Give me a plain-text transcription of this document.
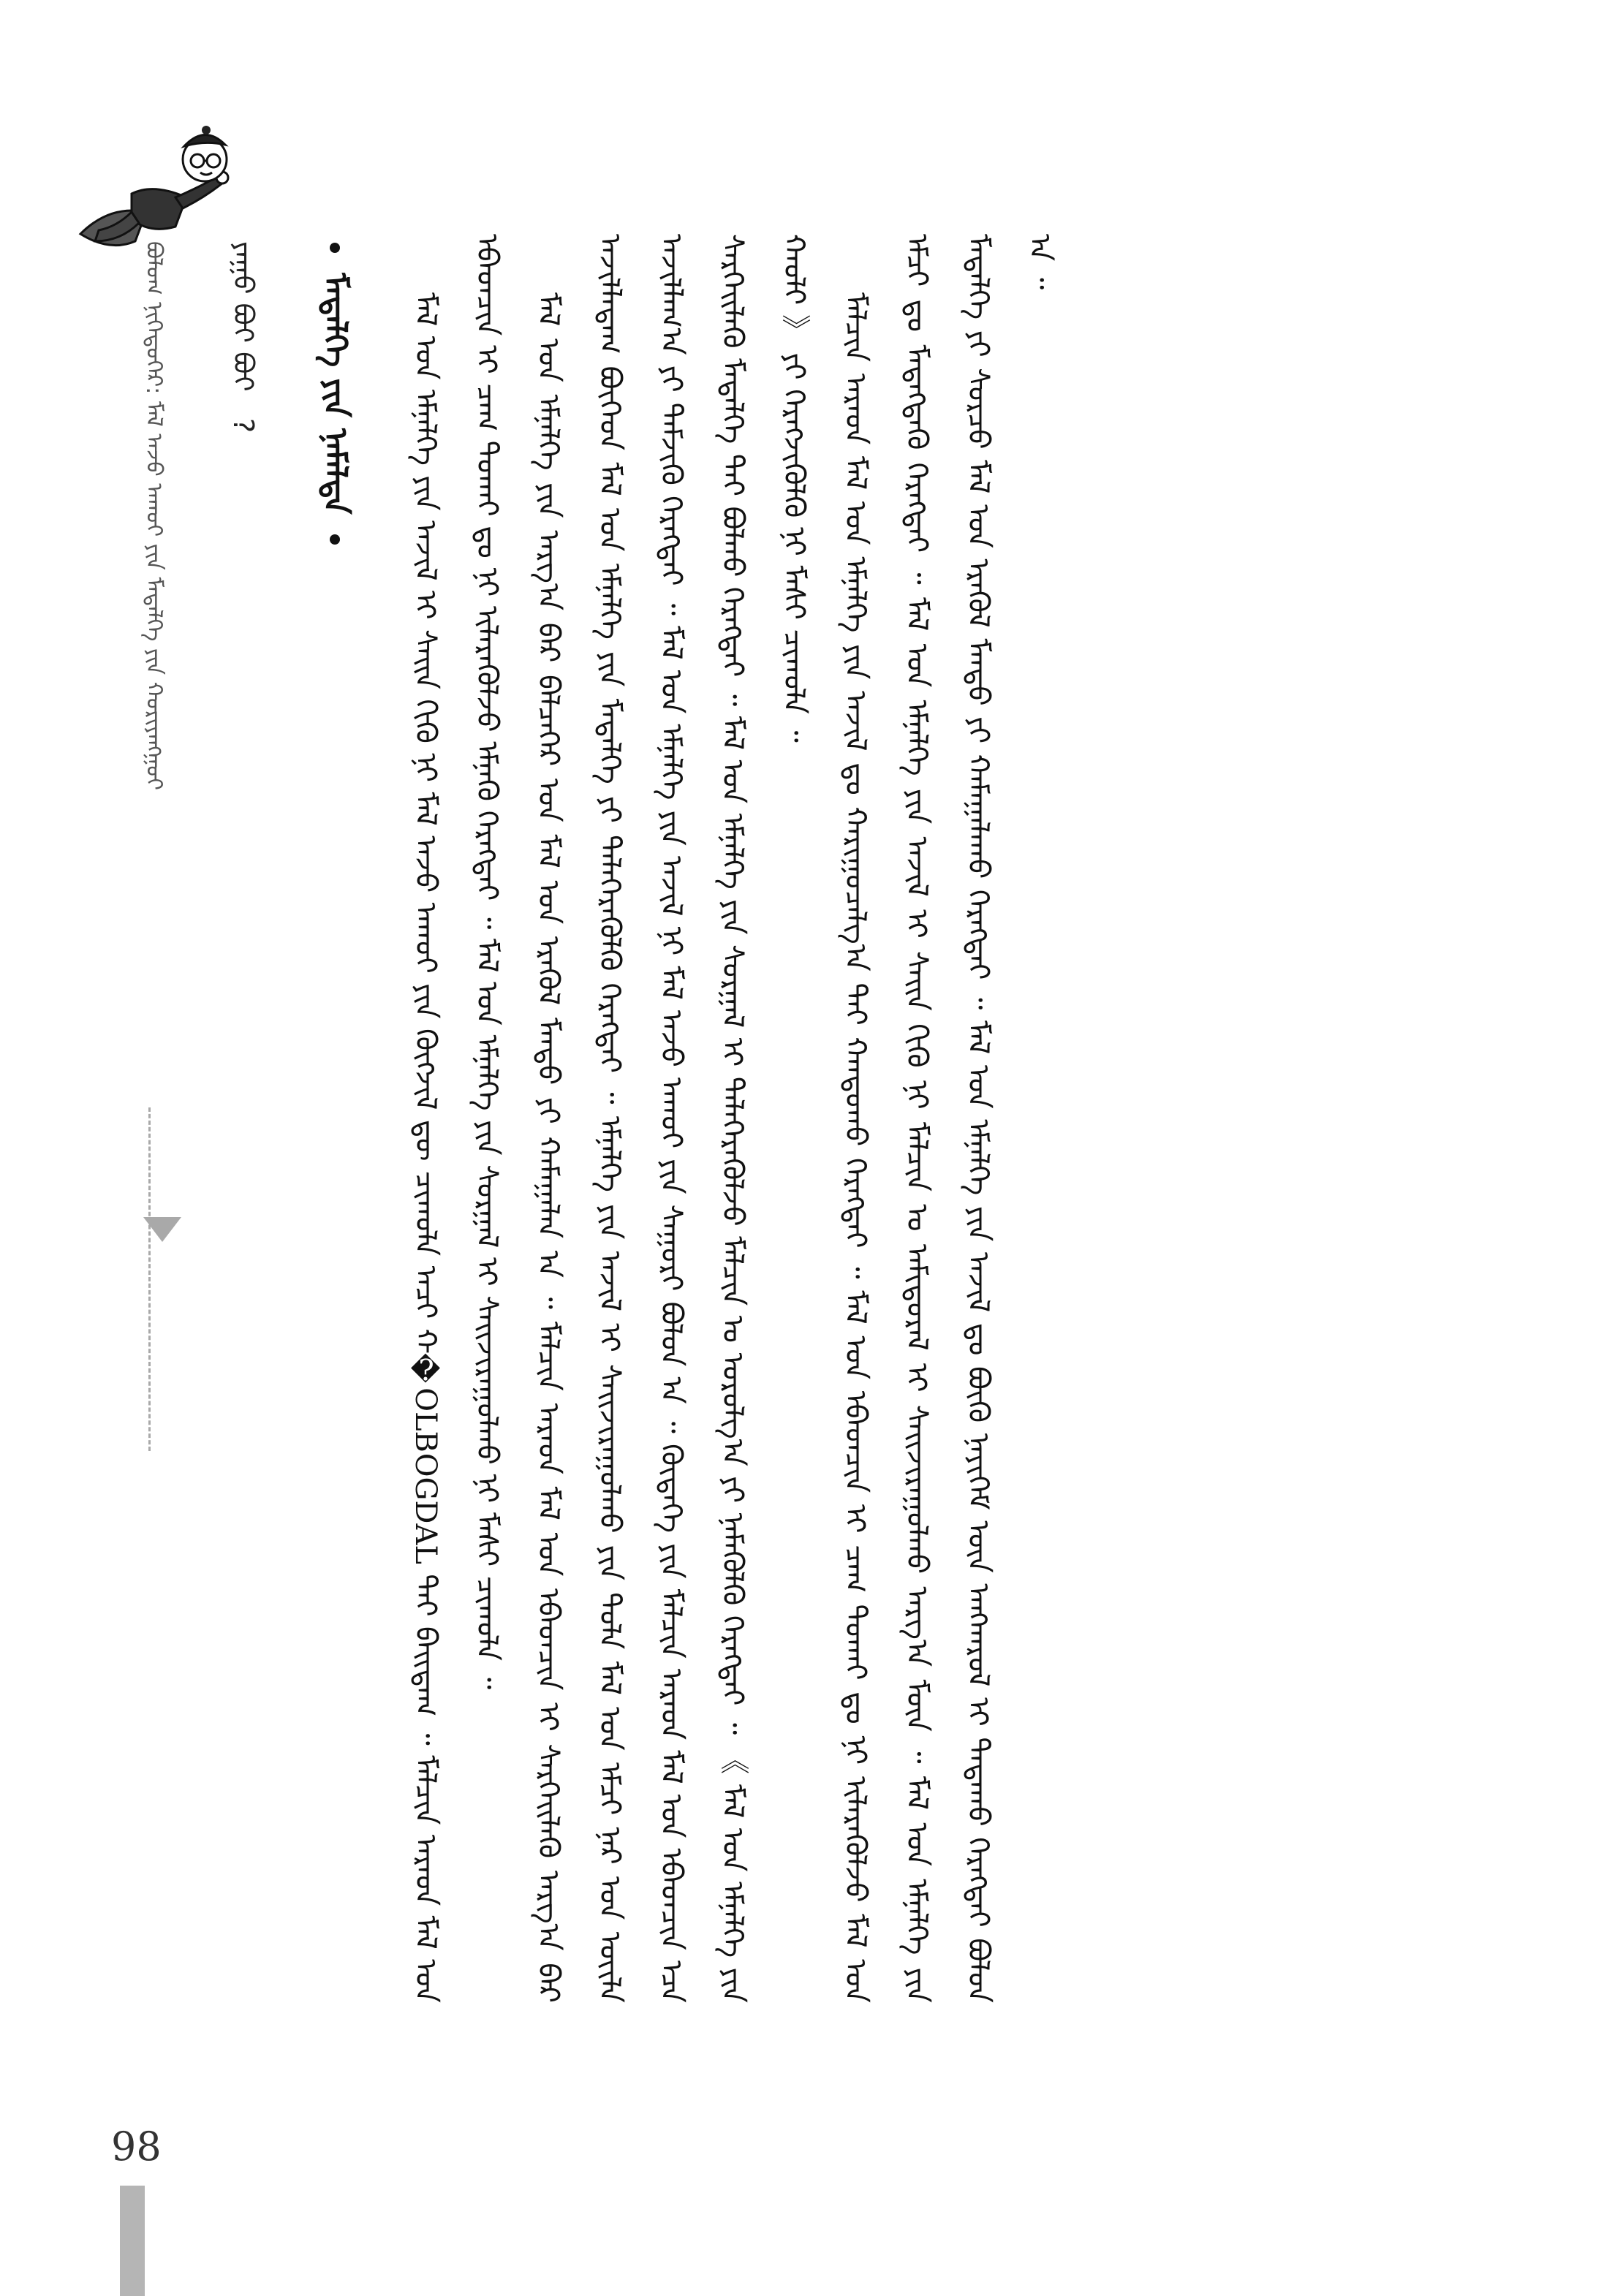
ᠪᠤᠯᠤᠭ ᠨᠢᠭᠡᠳᠦᠭᠡᠷ: ᠮᠠᠯ ᠠᠵᠤ ᠠᠬᠤᠢ ᠶᠢᠨ ᠮᠡᠳᠡᠯᠭᠡ ᠶᠢᠨ ᠬᠤᠷᠢᠶᠠᠩᠭᠤᠢ ᠶᠠᠭᠤ ᠪᠤᠢ ᠪᠤᠢ ? ᠮᠡᠳᠡᠯᠭᠡ ᠶᠢᠨ ᠨᠡᠮᠡᠯᠲᠡ	ᠮᠠᠯ ᠤᠨ ᠡᠮᠨᠡᠯᠭᠡ ᠶᠢᠨ ᠠᠵᠢᠯ ᠢ ᠰᠠᠢᠨ ᠬᠢᠬᠦ ᠨᠢ ᠮᠠᠯ ᠠᠵᠤ ᠠᠬᠤᠢ ᠶᠢᠨ ᠬᠥᠭᠵᠢᠯ ᠳᠦ ᠴᠢᠬᠤᠯᠠ ᠠᠴᠢ ᠬ�OLBOGDAL ᠲᠠᠢ ᠪᠠᠢᠳᠠᠭ ᠃ ᠮᠠᠯᠴᠢᠨ ᠠᠷᠠᠳ ᠮᠠᠯ ᠤᠨ ᠡᠪᠡᠳᠴᠢᠨ ᠢ ᠴᠠᠭ ᠲᠤᠬᠠᠢ ᠳᠤ ᠨᠢ ᠢᠯᠡᠷᠡᠭᠦᠯᠵᠦ ᠡᠮᠨᠡᠬᠦ ᠬᠡᠷᠡᠭᠲᠡᠢ ᠃ ᠮᠠᠯ ᠤᠨ ᠡᠮᠨᠡᠯᠭᠡ ᠶᠢᠨ ᠰᠤᠷᠭᠠᠯ ᠢ ᠰᠠᠢᠵᠢᠷᠠᠭᠤᠯᠬᠤ ᠨᠢ ᠮᠠᠰᠢ ᠴᠢᠬᠤᠯᠠ ᠃ ᠮᠠᠯ ᠤᠨ ᠡᠮᠨᠡᠯᠭᠡ ᠶᠢᠨ ᠠᠷᠭ᠎ᠠ ᠪᠠᠷ ᠪᠡᠯᠴᠡᠭᠡᠷ ᠤᠨ ᠮᠠᠯ ᠤᠨ ᠡᠷᠡᠭᠦᠯ ᠮᠡᠨᠳᠦ ᠶᠢ ᠬᠠᠮᠠᠭᠠᠯᠠᠨ ᠠ ᠃ ᠮᠠᠯᠴᠢᠨ ᠠᠷᠠᠳ ᠮᠠᠯ ᠤᠨ ᠡᠪᠡᠳᠴᠢᠨ ᠢ ᠰᠡᠷᠭᠡᠢᠯᠡᠬᠦ ᠠᠷᠭ᠎ᠠ ᠪᠠᠷ ᠠᠵᠢᠯᠯᠠᠳᠠᠭ ᠪᠥᠭᠡᠳ ᠮᠠᠯ ᠤᠨ ᠡᠮᠨᠡᠯᠭᠡ ᠶᠢᠨ ᠮᠡᠳᠡᠯᠭᠡ ᠶᠢ ᠳᠡᠯᠡᠭᠡᠷᠡᠭᠦᠯᠬᠦ ᠬᠡᠷᠡᠭᠲᠡᠢ ᠃ ᠡᠮᠨᠡᠯᠭᠡ ᠶᠢᠨ ᠠᠵᠢᠯ ᠢ ᠰᠠᠢᠵᠢᠷᠠᠭᠤᠯᠬᠤ ᠶᠢᠨ ᠲᠤᠯᠠ ᠮᠠᠯ ᠤᠨ ᠡᠮᠴᠢ ᠨᠠᠷ ᠤᠨ ᠦᠢᠯᠡ ᠠᠵᠢᠯᠯᠠᠭ᠎ᠠ ᠶᠢ ᠳᠡᠮᠵᠢᠬᠦ ᠬᠡᠷᠡᠭᠲᠡᠢ ᠃ ᠮᠠᠯ ᠤᠨ ᠡᠮᠨᠡᠯᠭᠡ ᠶᠢᠨ ᠠᠵᠢᠯ ᠨᠢ ᠮᠠᠯ ᠠᠵᠤ ᠠᠬᠤᠢ ᠶᠢᠨ ᠰᠠᠭᠤᠷᠢ ᠪᠤᠯᠤᠨ ᠠ ᠃ ᠬᠥᠳᠡᠭᠡ ᠶᠢᠨ ᠮᠠᠯᠴᠢᠨ ᠠᠷᠠᠳ ᠮᠠᠯ ᠤᠨ ᠡᠪᠡᠳᠴᠢᠨ ᠡᠴᠡ ᠰᠡᠷᠭᠡᠢᠯᠡᠬᠦ ᠮᠡᠳᠡᠯᠭᠡ ᠲᠡᠢ ᠪᠤᠯᠬᠤ ᠬᠡᠷᠡᠭᠲᠡᠢ ᠃ ᠮᠠᠯ ᠤᠨ ᠡᠮᠨᠡᠯᠭᠡ ᠶᠢᠨ ᠰᠤᠷᠭᠠᠯ ᠢ ᠳᠡᠯᠡᠭᠡᠷᠡᠭᠦᠯᠵᠦ ᠮᠠᠯᠴᠢᠨ ᠤ ᠣᠷᠤᠯᠭ᠎ᠠ ᠶᠢ ᠨᠡᠮᠡᠭᠦᠯᠬᠦ ᠬᠡᠷᠡᠭᠲᠡᠢ ᠃ 《 ᠮᠠᠯ ᠤᠨ ᠡᠮᠨᠡᠯᠭᠡ ᠶᠢᠨ ᠬᠠᠤᠯᠢ 》 ᠶᠢ ᠬᠡᠷᠡᠭᠵᠢᠭᠦᠯᠬᠦ ᠨᠢ ᠮᠠᠰᠢ ᠴᠢᠬᠤᠯᠠ ᠃ ᠮᠠᠯᠴᠢᠨ ᠠᠷᠠᠳ ᠮᠠᠯ ᠤᠨ ᠡᠮᠨᠡᠯᠭᠡ ᠶᠢᠨ ᠠᠵᠢᠯ ᠳᠤ ᠬᠠᠷᠢᠭᠤᠴᠠᠯᠭ᠎ᠠ ᠲᠠᠢ ᠬᠠᠨᠳᠤᠬᠤ ᠬᠡᠷᠡᠭᠲᠡᠢ ᠃ ᠮᠠᠯ ᠤᠨ ᠡᠪᠡᠳᠴᠢᠨ ᠢ ᠴᠠᠭ ᠲᠤᠬᠠᠢ ᠳᠤ ᠨᠢ ᠢᠯᠡᠷᠡᠭᠦᠯᠵᠦ ᠮᠠᠯ ᠤᠨ ᠡᠮᠴᠢ ᠳᠤ ᠮᠡᠳᠡᠭᠳᠡᠬᠦ ᠬᠡᠷᠡᠭᠲᠡᠢ ᠃ ᠮᠠᠯ ᠤᠨ ᠡᠮᠨᠡᠯᠭᠡ ᠶᠢᠨ ᠠᠵᠢᠯ ᠢ ᠰᠠᠢᠨ ᠬᠢᠬᠦ ᠨᠢ ᠮᠠᠯᠴᠢᠨ ᠤ ᠠᠮᠢᠳᠤᠷᠠᠯ ᠢ ᠰᠠᠢᠵᠢᠷᠠᠭᠤᠯᠬᠤ ᠠᠷᠭ᠎ᠠ ᠮᠥᠨ ᠃ ᠮᠠᠯ ᠤᠨ ᠡᠮᠨᠡᠯᠭᠡ ᠶᠢᠨ ᠮᠡᠳᠡᠯᠭᠡ ᠶᠢ ᠰᠤᠷᠴᠤ ᠮᠠᠯ ᠤᠨ ᠡᠷᠡᠭᠦᠯ ᠮᠡᠨᠳᠦ ᠶᠢ ᠬᠠᠮᠠᠭᠠᠯᠠᠬᠤ ᠬᠡᠷᠡᠭᠲᠡᠢ ᠃ ᠮᠠᠯ ᠤᠨ ᠡᠮᠨᠡᠯᠭᠡ ᠶᠢᠨ ᠠᠵᠢᠯ ᠳᠤ ᠪᠦᠬᠦ ᠨᠡᠶᠢᠭᠡᠮ ᠦᠨ ᠠᠩᠬᠠᠷᠤᠯ ᠢ ᠲᠠᠲᠠᠬᠤ ᠬᠡᠷᠡᠭᠲᠡᠢ ᠪᠣᠯᠣᠨ ᠠ ᠃

98
